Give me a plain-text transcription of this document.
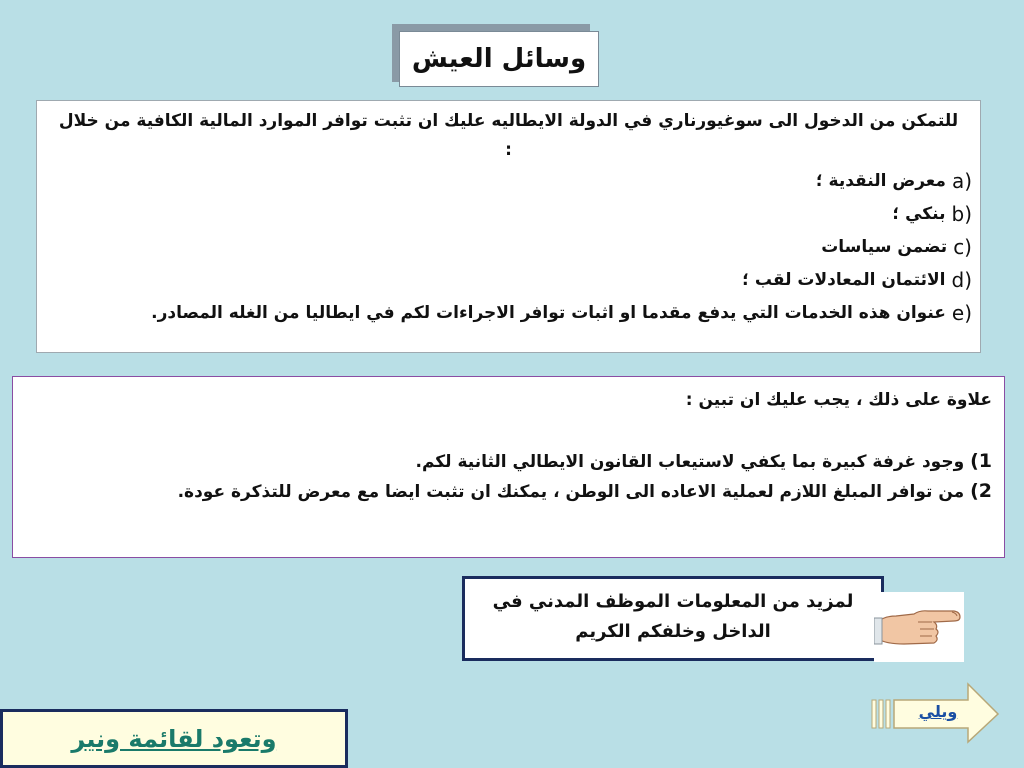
وسائل العيش
للتمكن من الدخول الى سوغيورناري في الدولة الايطاليه عليك ان تثبت توافر الموارد المالية الكافية من خلال :
a)
معرض النقدية ؛
b)
بنكي ؛
c)
تضمن سياسات
d)
الائتمان المعادلات لقب ؛
e)
عنوان هذه الخدمات التي يدفع مقدما او اثبات توافر الاجراءات لكم في ايطاليا من الغله المصادر.
علاوة على ذلك ، يجب عليك ان تبين :
1) وجود غرفة كبيرة بما يكفي لاستيعاب القانون الايطالي الثانية لكم.
2) من توافر المبلغ اللازم لعملية الاعاده الى الوطن ، يمكنك ان تثبت ايضا مع معرض للتذكرة عودة.
لمزيد من المعلومات الموظف المدني في
الداخل وخلفكم الكريم
ويلي
وتعود لقائمة ونير
